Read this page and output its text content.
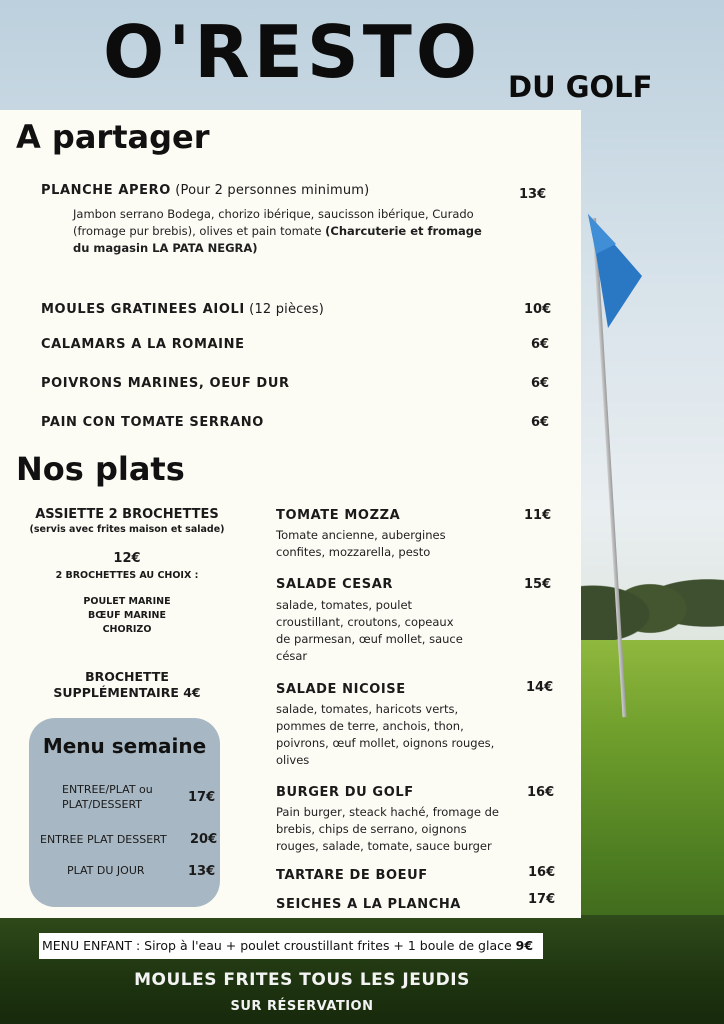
O'RESTO DU GOLF
A partager
PLANCHE APERO (Pour 2 personnes minimum)	13€
Jambon serrano Bodega, chorizo ibérique, saucisson ibérique, Curado (fromage pur brebis), olives et pain tomate (Charcuterie et fromage du magasin LA PATA NEGRA)
MOULES GRATINEES AIOLI (12 pièces)	10€
CALAMARS A LA ROMAINE	6€
POIVRONS MARINES, OEUF DUR	6€
PAIN CON TOMATE SERRANO	6€
Nos plats
ASSIETTE 2 BROCHETTES
(servis avec frites maison et salade)
12€
2 BROCHETTES AU CHOIX :
POULET MARINE
BŒUF MARINE
CHORIZO
BROCHETTE SUPPLÉMENTAIRE 4€
TOMATE MOZZA	11€
Tomate ancienne, aubergines confites, mozzarella, pesto
SALADE CESAR	15€
salade, tomates, poulet croustillant, croutons, copeaux de parmesan, œuf mollet, sauce césar
SALADE NICOISE	14€
salade, tomates, haricots verts, pommes de terre, anchois, thon, poivrons, œuf mollet, oignons rouges, olives
BURGER DU GOLF	16€
Pain burger, steack haché, fromage de brebis, chips de serrano, oignons rouges, salade, tomate, sauce burger
TARTARE DE BOEUF	16€
SEICHES A LA PLANCHA	17€
Menu semaine
ENTREE/PLAT ou PLAT/DESSERT	17€
ENTREE PLAT DESSERT	20€
PLAT DU JOUR	13€
MENU ENFANT : Sirop à l'eau + poulet croustillant frites + 1 boule de glace 9€
MOULES FRITES TOUS LES JEUDIS
SUR RÉSERVATION
